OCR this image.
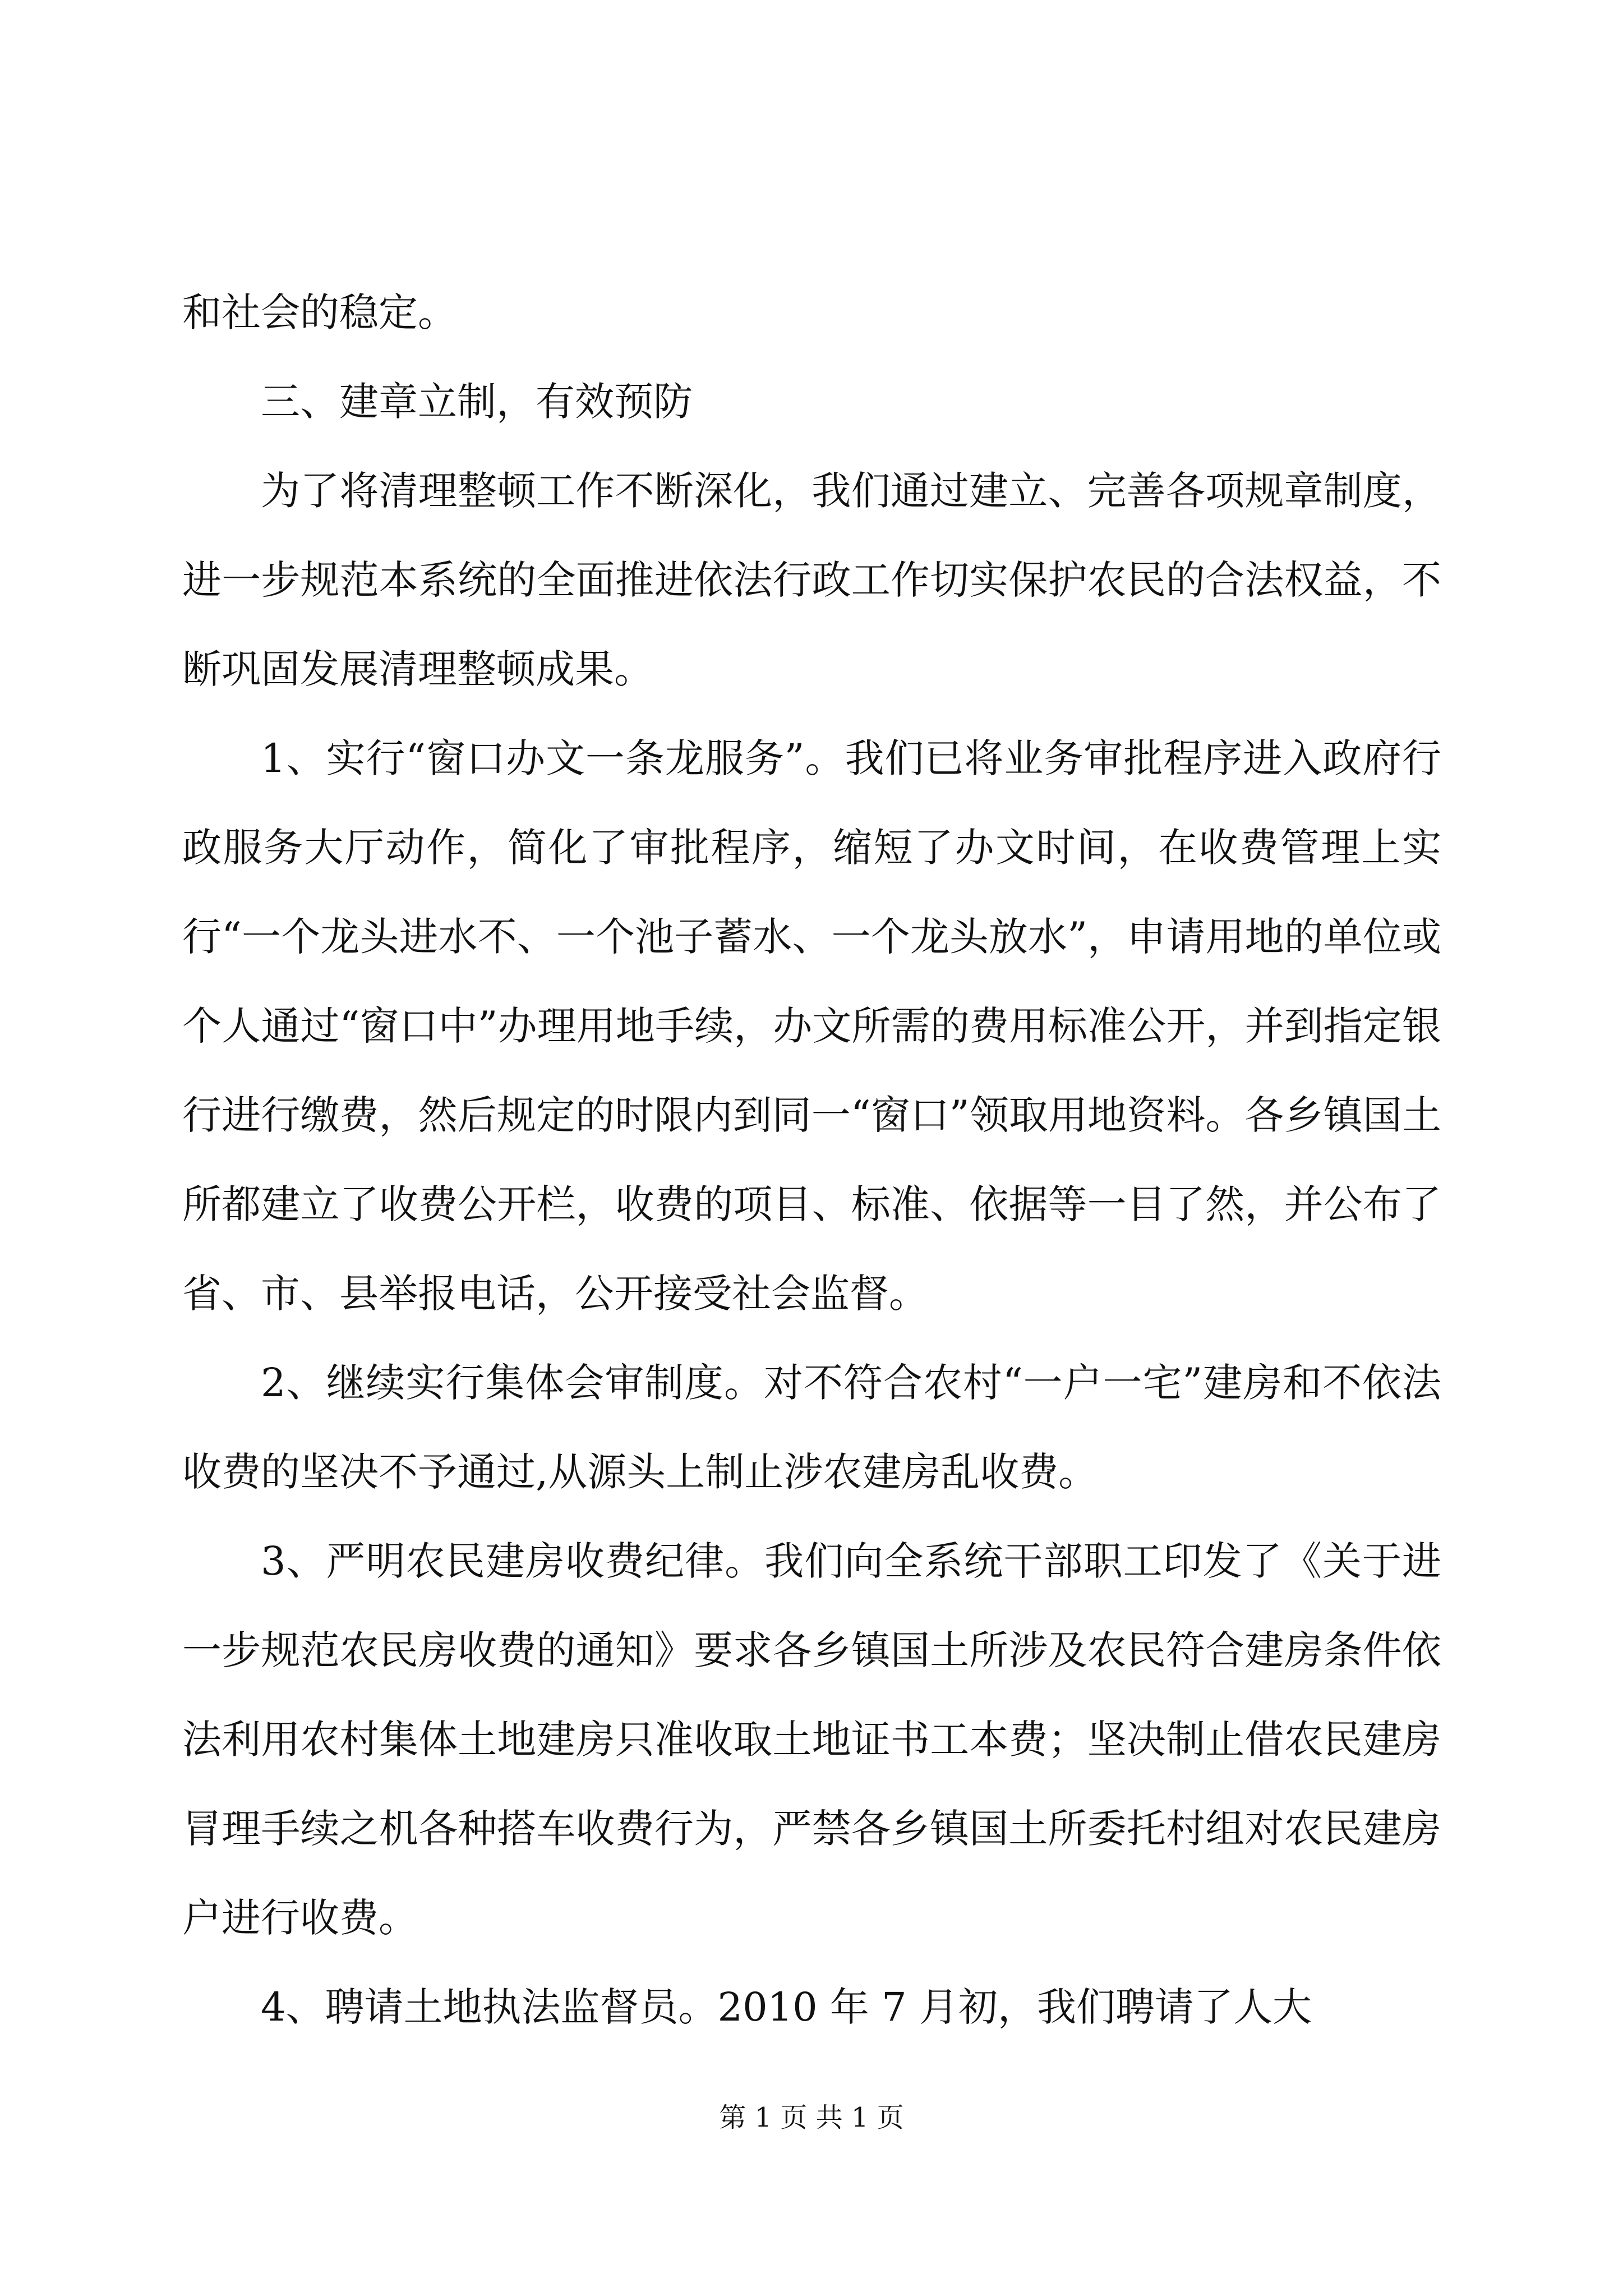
和社会的稳定。

三、建章立制，有效预防

为了将清理整顿工作不断深化，我们通过建立、完善各项规章制度，进一步规范本系统的全面推进依法行政工作切实保护农民的合法权益，不断巩固发展清理整顿成果。

1、实行“窗口办文一条龙服务”。我们已将业务审批程序进入政府行政服务大厅动作，简化了审批程序，缩短了办文时间，在收费管理上实行“一个龙头进水不、一个池子蓄水、一个龙头放水”，申请用地的单位或个人通过“窗口中”办理用地手续，办文所需的费用标准公开，并到指定银行进行缴费，然后规定的时限内到同一“窗口”领取用地资料。各乡镇国土所都建立了收费公开栏，收费的项目、标准、依据等一目了然，并公布了省、市、县举报电话，公开接受社会监督。

2、继续实行集体会审制度。对不符合农村“一户一宅”建房和不依法收费的坚决不予通过,从源头上制止涉农建房乱收费。

3、严明农民建房收费纪律。我们向全系统干部职工印发了《关于进一步规范农民房收费的通知》要求各乡镇国土所涉及农民符合建房条件依法利用农村集体土地建房只准收取土地证书工本费；坚决制止借农民建房冐理手续之机各种搭车收费行为，严禁各乡镇国土所委托村组对农民建房户进行收费。

4、聘请土地执法监督员。2010 年 7 月初，我们聘请了人大

第 1 页 共 1 页
